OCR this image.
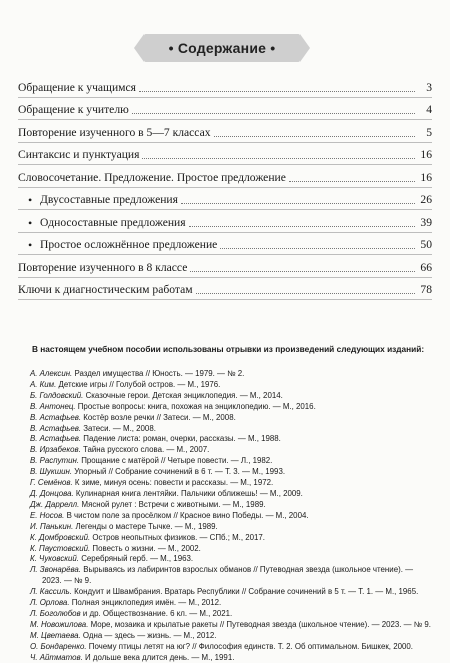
• Содержание •
Обращение к учащимся	3
Обращение к учителю	4
Повторение изученного в 5—7 классах	5
Синтаксис и пунктуация	16
Словосочетание. Предложение. Простое предложение	16
• Двусоставные предложения	26
• Односоставные предложения	39
• Простое осложнённое предложение	50
Повторение изученного в 8 классе	66
Ключи к диагностическим работам	78
В настоящем учебном пособии использованы отрывки из произведений следующих изданий:
А. Алексин. Раздел имущества // Юность. — 1979. — № 2.
А. Ким. Детские игры // Голубой остров. — М., 1976.
Б. Голдовский. Сказочные герои. Детская энциклопедия. — М., 2014.
В. Антонец. Простые вопросы: книга, похожая на энциклопедию. — М., 2016.
В. Астафьев. Костёр возле речки // Затеси. — М., 2008.
В. Астафьев. Затеси. — М., 2008.
В. Астафьев. Падение листа: роман, очерки, рассказы. — М., 1988.
В. Ирзабеков. Тайна русского слова. — М., 2007.
В. Распутин. Прощание с матёрой // Четыре повести. — Л., 1982.
В. Шукшин. Упорный // Собрание сочинений в 6 т. — Т. 3. — М., 1993.
Г. Семёнов. К зиме, минуя осень: повести и рассказы. — М., 1972.
Д. Донцова. Кулинарная книга лентяйки. Пальчики оближешь! — М., 2009.
Дж. Даррелл. Мясной рулет : Встречи с животными. — М., 1989.
Е. Носов. В чистом поле за просёлком // Красное вино Победы. — М., 2004.
И. Панькин. Легенды о мастере Тычке. — М., 1989.
К. Домбровский. Остров неопытных физиков. — СПб.; М., 2017.
К. Паустовский. Повесть о жизни. — М., 2002.
К. Чуковский. Серебряный герб. — М., 1963.
Л. Звонарёва. Вырываясь из лабиринтов взрослых обманов // Путеводная звезда (школьное чтение). — 2023. — № 9.
Л. Кассиль. Кондуит и Швамбрания. Вратарь Республики // Собрание сочинений в 5 т. — Т. 1. — М., 1965.
Л. Орлова. Полная энциклопедия имён. — М., 2012.
Л. Боголюбов и др. Обществознание. 6 кл. — М., 2021.
М. Новожилова. Море, мозаика и крылатые ракеты // Путеводная звезда (школьное чтение). — 2023. — № 9.
М. Цветаева. Одна — здесь — жизнь. — М., 2012.
О. Бондаренко. Почему птицы летят на юг? // Философия единств. Т. 2. Об оптимальном. Бишкек, 2000.
Ч. Айтматов. И дольше века длится день. — М., 1991.
